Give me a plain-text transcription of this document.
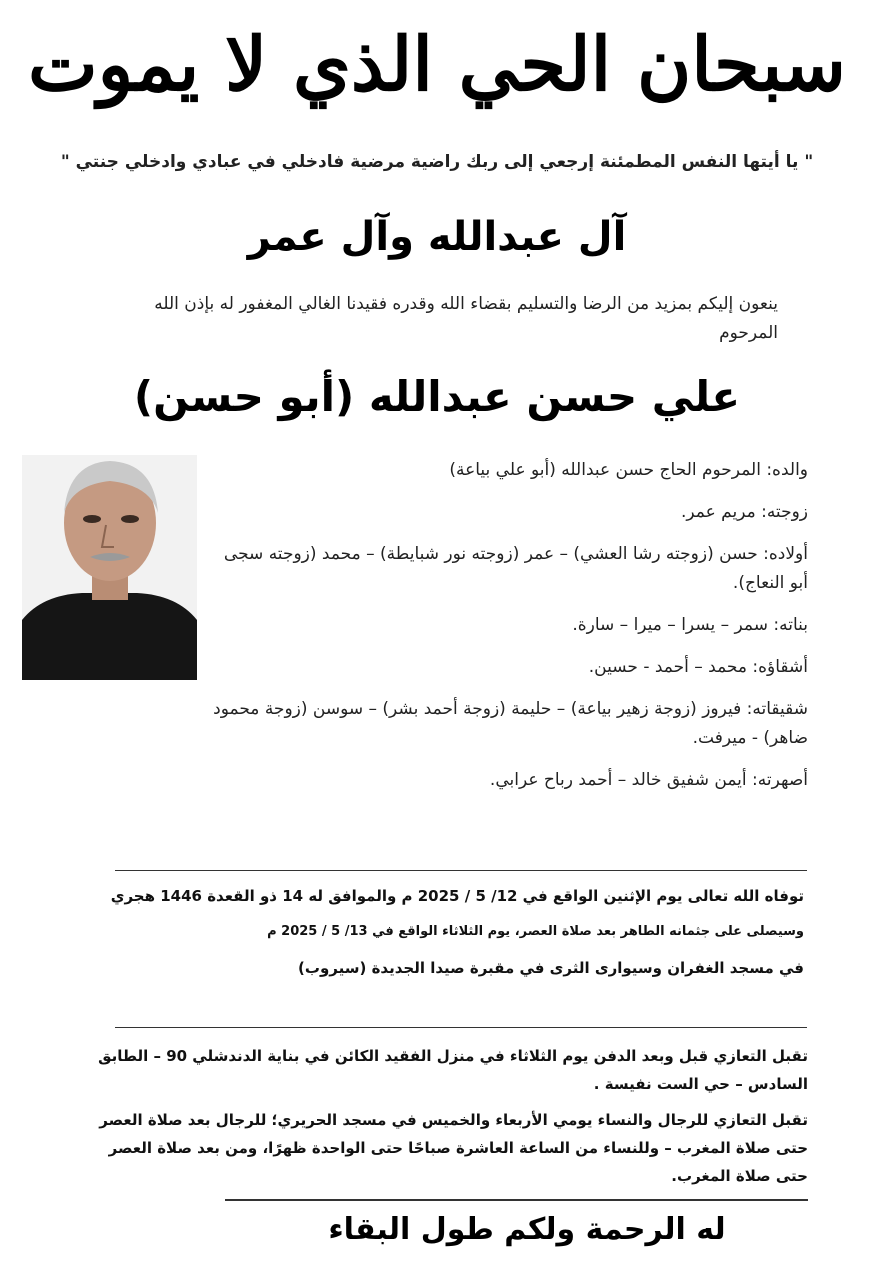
سبحان الحي الذي لا يموت
" يا أيتها النفس المطمئنة إرجعي إلى ربك راضية مرضية فادخلي في عبادي وادخلي جنتي "
آل عبدالله وآل عمر
ينعون إليكم بمزيد من الرضا والتسليم بقضاء الله وقدره فقيدنا الغالي المغفور له بإذن الله
المرحوم
علي حسن عبدالله (أبو حسن)

والده: المرحوم الحاج حسن عبدالله (أبو علي بياعة)

زوجته: مريم عمر.

أولاده: حسن (زوجته رشا العشي) – عمر (زوجته نور شبايطة) – محمد (زوجته سجى أبو النعاج).

بناته: سمر – يسرا – ميرا – سارة.

أشقاؤه: محمد – أحمد - حسين.

شقيقاته: فيروز (زوجة زهير بياعة) – حليمة (زوجة أحمد بشر) – سوسن (زوجة محمود ضاهر) - ميرفت.

أصهرته: أيمن شفيق خالد – أحمد رباح عرابي.

توفاه الله تعالى يوم الإثنين الواقع في 12/ 5 / 2025 م والموافق له 14 ذو القعدة 1446 هجري

وسيصلى على جثمانه الطاهر بعد صلاة العصر، يوم الثلاثاء الواقع في 13/ 5 / 2025 م

في مسجد الغفران وسيوارى الثرى في مقبرة صيدا الجديدة (سيروب)

تقبل التعازي قبل وبعد الدفن يوم الثلاثاء في منزل الفقيد الكائن في بناية الدندشلي 90 – الطابق السادس – حي الست نفيسة .

تقبل التعازي للرجال والنساء يومي الأربعاء والخميس في مسجد الحريري؛ للرجال بعد صلاة العصر حتى صلاة المغرب – وللنساء من الساعة العاشرة صباحًا حتى الواحدة ظهرًا، ومن بعد صلاة العصر حتى صلاة المغرب.

له الرحمة ولكم طول البقاء
